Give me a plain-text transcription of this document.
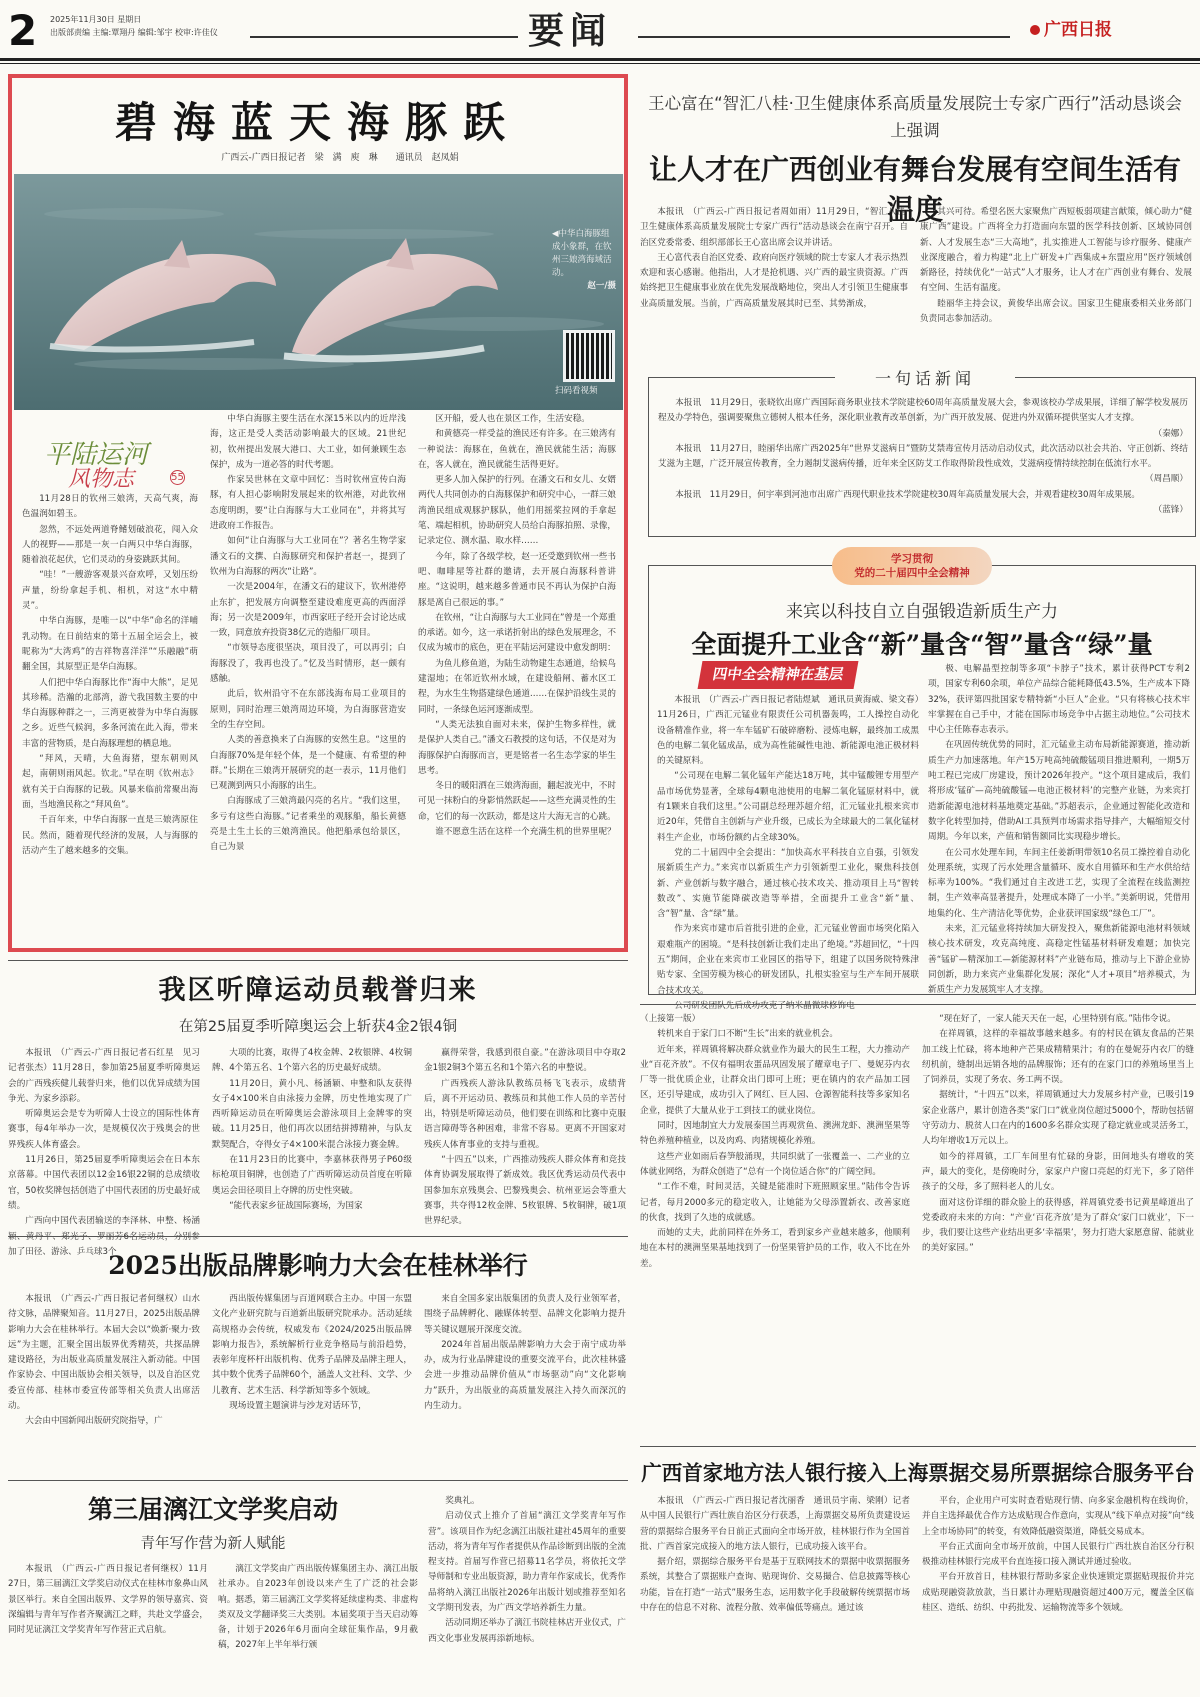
2 2025年11月30日 星期日
出版部责编 主编:覃翔丹 编辑:邹宇 校审:许佳仪	要闻	广西日报
碧海蓝天海豚跃
广西云-广西日报记者　梁　满　庾　琳　　通讯员　赵凤娟
◀中华白海豚组成小象群，在钦州三娘湾海域活动。
赵一/摄
扫码看视频
平陆运河
风物志	55

11月28日的钦州三娘湾，天高气爽，海色温润如碧玉。

忽然，不远处两道脊鳍划破浪花，闯入众人的视野——那是一灰一白两只中华白海豚，随着浪花起伏，它们灵动的身姿跳跃其间。

“哇！”一艘游客观景兴奋欢呼，又划压纷声量，纷纷拿起手机、相机，对这“水中精灵”。

中华白海豚，是唯一以“中华”命名的洋哺乳动物。在日前结束的第十五届全运会上，被昵称为“大湾鸡”的吉祥物喜洋洋”“乐融融”萌翻全国，其原型正是华白海豚。

人们把中华白海豚比作“海中大熊”，足见其珍稀。浩瀚的北部湾，游弋我国数主要的中华白海豚种群之一，三湾更被誉为中华白海豚之乡。近些气候润，多条河流在此入海，带来丰富的营物质，是白海豚理想的栖息地。

“拜风，天晴，大鱼海猪，望东朝则风起，南朝则雨风起。钦北。”早在明《钦州志》就有关于白海豚的记载。风暴来临前常聚出海面，当地渔民称之“拜风鱼”。

千百年来，中华白海豚一直是三娘湾原住民。然而，随着现代经济的发展，人与海豚的活动产生了越来越多的交集。

中华白海豚主要生活在水深15米以内的近岸浅海，这正是受人类活动影响最大的区域。21世纪初，钦州提出发展大港口、大工业，如何兼顾生态保护，成为一道必答的时代考题。

作家吴世林在文章中回忆：当时钦州宣传白海豚，有人担心影响附发展起来的钦州港，对此钦州态度明朗，要“让白海豚与大工业同在”，并将其写进政府工作报告。

如何“让白海豚与大工业同在”？著名生物学家潘文石的文撰、白海豚研究和保护者赵一，提到了钦州为白海豚的两次“让路”。

一次是2004年，在潘文石的建议下，钦州港停止东扩，把发展方向调整至建设难度更高的西面浮海；另一次是2009年，市西家旺子经开会讨论达成一致，同意放弃投资38亿元的造船厂项目。

“市领导态度很坚决，项目没了，可以再引；白海豚没了，我再也没了。”忆及当时情形，赵一颇有感触。

此后，钦州沿守不在东部浅海布局工业项目的原则，同时治理三娘湾周边环境，为白海豚营造安全的生存空间。

人类的善意换来了白海豚的安然生息。“这里的白海豚70%是年轻个体，是一个健康、有希望的种群。”长期在三娘湾开展研究的赵一表示，11月他们已观测到两只小海豚的出生。

白海豚成了三娘湾最闪亮的名片。“我们这里，多亏有这些白海豚。”记者乘坐的观豚船，船长黄德亮是土生土长的三娘湾渔民。他把船承包给景区，自己为景

区开船，爱人也在景区工作，生活安稳。

和黄德亮一样受益的渔民还有许多。在三娘湾有一种说法：海豚在，鱼就在，渔民就能生活；海豚在，客人就在，渔民就能生活得更好。

更多人加入保护的行列。在潘文石和女儿、女婿两代人共同创办的白海豚保护和研究中心，一群三娘湾渔民组成观豚护豚队，他们用摇桨拉网的手拿起笔、端起相机，协助研究人员给白海豚拍照、录像，记录定位、测水温、取水样……

今年，除了各级学校，赵一还受邀到钦州一些书吧、咖啡屋等社群的邀请，去开展白海豚科普讲座。“这说明，越来越多普通市民不再认为保护白海豚是离自己很远的事。”

在钦州，“让白海豚与大工业同在”曾是一个郑重的承诺。如今，这一承诺折射出的绿色发展理念，不仅成为城市的底色，更在平陆运河建设中愈发朗明：

为鱼儿修鱼道，为陆生动物建生态通道，给候鸟建湿地；在邻近钦州水域，在建设船闸、蓄水区工程，为水生生物搭建绿色通道……在保护沿线生灵的同时，一条绿色运河逐渐成型。

“人类无法独自面对未来，保护生物多样性，就是保护人类自己。”潘文石教授的这句话，不仅是对为海豚保护白海豚而言，更是铭者一名生态学家的毕生思考。

冬日的暖阳洒在三娘湾海面，翻起波光中，不时可见一抹粉白的身影悄然跃起——这些充满灵性的生命，它们的每一次跃动，都是这片大海无言的心跳。

谁不愿意生活在这样一个充满生机的世界里呢？

王心富在“智汇八桂·卫生健康体系高质量发展院士专家广西行”活动恳谈会上强调
让人才在广西创业有舞台发展有空间生活有温度

本报讯　（广西云-广西日报记者周如雨）11月29日，“智汇八桂·卫生健康体系高质量发展院士专家广西行”活动恳谈会在南宁召开。自治区党委常委、组织部部长王心富出席会议并讲话。

王心富代表自治区党委、政府向医疗领域的院士专家人才表示热烈欢迎和衷心感谢。他指出，人才是抢机遇、兴广西的最宝贵资源。广西始终把卫生健康事业放在优先发展战略地位，突出人才引领卫生健康事业高质量发展。当前，广西高质量发展其时已至、其势渐成，

其兴可待。希望名医大家聚焦广西短板弱项建言献策，倾心助力“健康广西”建设。广西将全力打造面向东盟的医学科技创新、区域协同创新、人才发展生态“三大高地”，扎实推进人工智能与诊疗服务、健康产业深度融合，着力构建“北上广研发+广西集成+东盟应用”医疗领域创新路径，持续优化“一站式”人才服务，让人才在广西创业有舞台、发展有空间、生活有温度。

睦丽华主持会议，黄俊华出席会议。国家卫生健康委相关业务部门负责同志参加活动。

一句话新闻

本报讯　11月29日，张晓钦出席广西国际商务职业技术学院建校60周年高质量发展大会，参观该校办学成果展，详细了解学校发展历程及办学特色，强调要聚焦立德树人根本任务，深化职业教育改革创新，为广西开放发展、促进内外双循环提供坚实人才支撑。

（秦娜）

本报讯　11月27日，睦丽华出席广西2025年“世界艾滋病日”暨防艾禁毒宣传月活动启动仪式，此次活动以社会共治、守正创新、终结艾滋为主题，广泛开展宣传教育，全力遏制艾滋病传播，近年来全区防艾工作取得阶段性成效，艾滋病疫情持续控制在低流行水平。

（周昌顺）

本报讯　11月29日，何宇率到河池市出席广西现代职业技术学院建校30周年高质量发展大会，并观看建校30周年成果展。

（蓝锋）

学习贯彻
党的二十届四中全会精神
来宾以科技自立自强锻造新质生产力
全面提升工业含“新”量含“智”量含“绿”量
四中全会精神在基层

本报讯　（广西云-广西日报记者陆煜斌　通讯员黄海威、梁文春）11月26日，广西汇元锰业有限责任公司机器轰鸣，工人操控自动化设备精准作业，将一车车锰矿石破碎磨粉、浸炼电解，最终加工成黑色的电解二氧化锰成品，成为高性能碱性电池、新能源电池正极材料的关键原料。

“公司现在电解二氧化锰年产能达18万吨，其中锰酸锂专用型产品市场优势显著，全球每4颗电池使用的电解二氧化锰原材料中，就有1颗来自我们这里。”公司副总经理苏超介绍，汇元锰业扎根来宾市近20年，凭借自主创新与产业升级，已成长为全球最大的二氧化锰材料生产企业，市场份额约占全球30%。

党的二十届四中全会提出：“加快高水平科技自立自强，引领发展新质生产力。”来宾市以新质生产力引领新型工业化，聚焦科技创新、产业创新与数字融合，通过核心技术攻关、推动项目上马“智转数改”、实施节能降碳改造等举措，全面提升工业含“新”量、含“智”量、含“绿”量。

作为来宾市建市后首批引进的企业，汇元锰业曾面市场突化陷入艰难瓶产的困境。“是科技创新让我们走出了绝境。”苏超回忆，“十四五”期间，企业在来宾市工业园区的指导下，组建了以国务院特殊津贴专家、全国劳模为核心的研发团队，扎根实验室与生产车间开展联合技术攻关。

公司研发团队先后成功攻克了纳米晶微球修饰电

极、电解晶型控制等多项“卡脖子”技术，累计获得PCT专利2项，国家专利60余项，单位产品综合能耗降低43.5%，生产成本下降32%，获评第四批国家专精特新“小巨人”企业。“只有将核心技术牢牢掌握在自己手中，才能在国际市场竞争中占据主动地位。”公司技术中心主任陈春志表示。

在巩固传统优势的同时，汇元锰业主动布局新能源赛道，推动新质生产力加速落地。年产15万吨高纯硫酸锰项目推进顺利，一期5万吨工程已完成厂房建设，预计2026年投产。“这个项目建成后，我们将形成‘锰矿—高纯硫酸锰—电池正极材料’的完整产业链，为来宾打造新能源电池材料基地奠定基础。”苏超表示，企业通过智能化改造和数字化转型加持，借助AI工具预判市场需求指导排产，大幅缩短交付周期。今年以来，产值和销售额同比实现稳步增长。

在公司水处理车间，车间主任姜新明带领10名员工操控着自动化处理系统，实现了污水处理含量循环、废水自用循环和生产水供给结标率为100%。“我们通过自主改进工艺，实现了全流程在线监测控制，生产效率高显著提升，处理成本降了一小半。”美新明说，凭借用地集约化、生产清洁化等优势，企业获评国家级“绿色工厂”。

未来，汇元锰业将持续加大研发投入，聚焦新能源电池材料领域核心技术研发，攻克高纯度、高稳定性锰基材料研发难题；加快完善“锰矿—精深加工—新能源材料”产业链布局，推动与上下游企业协同创新，助力来宾产业集群化发展；深化“人才+项目”培养模式，为新质生产力发展筑牢人才支撑。

我区听障运动员载誉归来
在第25届夏季听障奥运会上斩获4金2银4铜

本报讯　（广西云-广西日报记者石红星　见习记者张杰）11月28日，参加第25届夏季听障奥运会的广西残疾健儿载誉归来，他们以优异成绩为国争光、为家乡添彩。

听障奥运会是专为听障人士设立的国际性体育赛事，每4年举办一次，是规模仅次于残奥会的世界残疾人体育盛会。

11月26日，第25届夏季听障奥运会在日本东京落幕。中国代表团以12金16银22铜的总成绩收官，50枚奖牌包括创造了中国代表团的历史最好成绩。

广西向中国代表团输送的李泽林、申整、杨涵颖、黄丹平、郑光子、罗丽芳6名运动员，分别参加了田径、游泳、乒乓球3个

大项的比赛，取得了4枚金牌、2枚银牌、4枚铜牌、4个第五名、1个第六名的历史最好成绩。

11月20日，黄小凡、杨涵颖、申整和队友获得女子4×100米自由泳接力金牌，历史性地实现了广西听障运动员在听障奥运会游泳项目上金牌零的突破。11月25日，他们再次以团结拼搏精神，与队友默契配合，夺得女子4×100米混合泳接力赛金牌。

在11月23日的比赛中，李嘉林获得男子P60级标枪项目铜牌，也创造了广西听障运动员首度在听障奥运会田径项目上夺牌的历史性突破。

“能代表家乡征战国际赛场，为国家

赢得荣誉，我感到很自豪。”在游泳项目中夺取2金1银2铜3个第五名和1个第六名的申整说。

广西残疾人游泳队教练员杨飞飞表示，成绩背后，离不开运动员、教练员和其他工作人员的辛苦付出，特别是听障运动员，他们要在训练和比赛中克服语言障碍等各种困难，非常不容易。更离不开国家对残疾人体育事业的支持与重视。

“十四五”以来，广西推动残疾人群众体育和竞技体育协调发展取得了新成效。我区优秀运动员代表中国参加东京残奥会、巴黎残奥会、杭州亚运会等重大赛事，共夺得12枚金牌、5枚银牌、5枚铜牌，破1项世界纪录。

2025出版品牌影响力大会在桂林举行

本报讯　（广西云-广西日报记者何继权）山水待文脉，品牌聚知音。11月27日，2025出版品牌影响力大会在桂林举行。本届大会以“焕新·聚力·致远”为主题，汇聚全国出版界优秀精英，共探品牌建设路径，为出版业高质量发展注入新动能。中国作家协会、中国出版协会相关领导，以及自治区党委宣传部、桂林市委宣传部等相关负责人出席活动。

大会由中国新闻出版研究院指导，广

西出版传媒集团与百道网联合主办。中国一东盟文化产业研究院与百道新出版研究院承办。活动延续高规格办会传统，权威发布《2024/2025出版品牌影响力报告》，系统解析行业竞争格局与前沿趋势，表彰年度杯杆出版机构、优秀子品牌及品牌主理人，其中数个优秀子品牌60个，涵盖人文社科、文学、少儿教育、艺术生活、科学新知等多个领域。

现场设置主题演讲与沙龙对话环节，

来自全国多家出版集团的负责人及行业领军者，围绕子品牌孵化、融媒体转型、品牌文化影响力提升等关键议题展开深度交流。

2024年首届出版品牌影响力大会于南宁成功举办，成为行业品牌建设的重要交流平台，此次桂林盛会进一步推动品牌价值从“市场驱动”向“文化影响力”跃升，为出版业的高质量发展注入持久而深沉的内生动力。

第三届漓江文学奖启动
青年写作营为新人赋能

本报讯　（广西云-广西日报记者何继权）11月27日，第三届漓江文学奖启动仪式在桂林市象鼻山风景区举行。来自全国出版界、文学界的领导嘉宾、资深编辑与青年写作者齐聚漓江之畔，共赴文学盛会，同时见证漓江文学奖青年写作营正式启航。

漓江文学奖由广西出版传媒集团主办、漓江出版社承办。自2023年创设以来产生了广泛的社会影响。据悉，第三届漓江文学奖将延续虚构类、非虚构类双及文学翻译奖三大类别。本届奖项于当天启动筹备，计划于2026年6月面向全球征集作品，9月截稿，2027年上半年举行颁

奖典礼。

启动仪式上推介了首届“漓江文学奖青年写作营”。该项目作为纪念漓江出版社建社45周年的重要活动，将为青年写作者提供从作品诊断到出版的全流程支持。首届写作营已招募11名学员，将依托文学导师制和专业出版资源，助力青年作家成长，优秀作品将纳入漓江出版社2026年出版计划或推荐至知名文学期刊发表，为广西文学培养新生力量。

活动同期还举办了漓江书院桂林店开业仪式，广西文化事业发展再添新地标。

（上接第一版）

转机来自于家门口不断“生长”出来的就业机会。

近年来，祥周镇将解决群众就业作为最大的民生工程，大力推动产业“百花齐放”。不仅有福明农蛋品巩固发展了耀章电子厂、曼妮芬内衣厂等一批优质企业，让群众出门即可上班；更在镇内的农产品加工园区，还引导建成，成功引入了网红、巨人园、仓源智能科技等多家知名企业，提供了大量从业于工到技工的就业岗位。

同时，因地制宜大力发展泰国兰再观赏鱼、澳洲龙虾、澳洲坚果等特色养殖种植业，以及肉鸡、肉猪规模化养殖。

这些产业如雨后春笋般涌现，共同织就了一张覆盖一、二产业的立体就业网络，为群众创造了“总有一个岗位适合你”的广阔空间。

“工作不难，时间灵活，关键是能准时下班照顾家里。”陆伟令告诉记者，每月2000多元的稳定收入，让她能为父母添置新衣、改善家庭的伙食，找到了久违的成就感。

而她的丈夫，此前同样在外务工，看到家乡产业越来越多，他顺利地在本村的澳洲坚果基地找到了一份坚果管护员的工作，收入不比在外差。

“现在好了，一家人能天天在一起，心里特别有底。”陆伟令说。

在祥周镇，这样的幸福故事越来越多。有的村民在镇友食品的芒果加工线上忙碌，将本地种产芒果成精精果汁；有的在曼妮芬内衣厂的缝纫机前，缝制出远销各地的品牌服饰；还有的在家门口的养殖场里当上了饲养员，实现了务农、务工两不误。

据统计，“十四五”以来，祥周镇通过大力发展乡村产业，已吸引19家企业落户，累计创造各类“家门口”就业岗位超过5000个，帮助包括留守劳动力、脱贫人口在内的1600多名群众实现了稳定就业或灵活务工，人均年增收1万元以上。

如今的祥周镇，工厂车间里有忙碌的身影，田间地头有增收的笑声，最大的变化，是傍晚时分，家家户户窗口亮起的灯光下，多了陪伴孩子的父母，多了照料老人的儿女。

面对这份详细的群众脸上的获得感，祥周镇党委书记黄星峰道出了党委政府未来的方向：“产业‘百花齐放’是为了群众‘家门口就业’，下一步，我们要让这些产业结出更多‘幸福果’，努力打造大家愿意留、能就业的美好家园。”

广西首家地方法人银行接入上海票据交易所票据综合服务平台

本报讯　（广西云-广西日报记者沈丽香　通讯员宇南、梁刚）记者从中国人民银行广西壮族自治区分行获悉，上海票据交易所负责建设运营的票据综合服务平台日前正式面向全市场开放，桂林银行作为全国首批、广西首家完成接入的地方法人银行，已成功接入该平台。

据介绍，票据综合服务平台是基于互联网技术的票据中收票据服务系统，其整合了票据账户查询、贴现询价、交易撮合、信息披露等核心功能，旨在打造“一站式”服务生态，运用数字化手段破解传统票据市场中存在的信息不对称、流程分散、效率偏低等痛点。通过该

平台，企业用户可实时查看贴现行情、向多家金融机构在线询价，并自主选择最优合作方达成贴现合作意向，实现从“线下单点对接”向“线上全市场协同”的转变，有效降低融资渠道，降低交易成本。

平台正式面向全市场开放前，中国人民银行广西壮族自治区分行积极推动桂林银行完成平台直连接口接入测试并通过验收。

平台开放首日，桂林银行帮助多家企业快速锁定票据贴现报价并完成贴现融资款放款，当日累计办理贴现融资超过400万元，覆盖全区临桂区、造纸、纺织、中药批发、运输物流等多个领域。
